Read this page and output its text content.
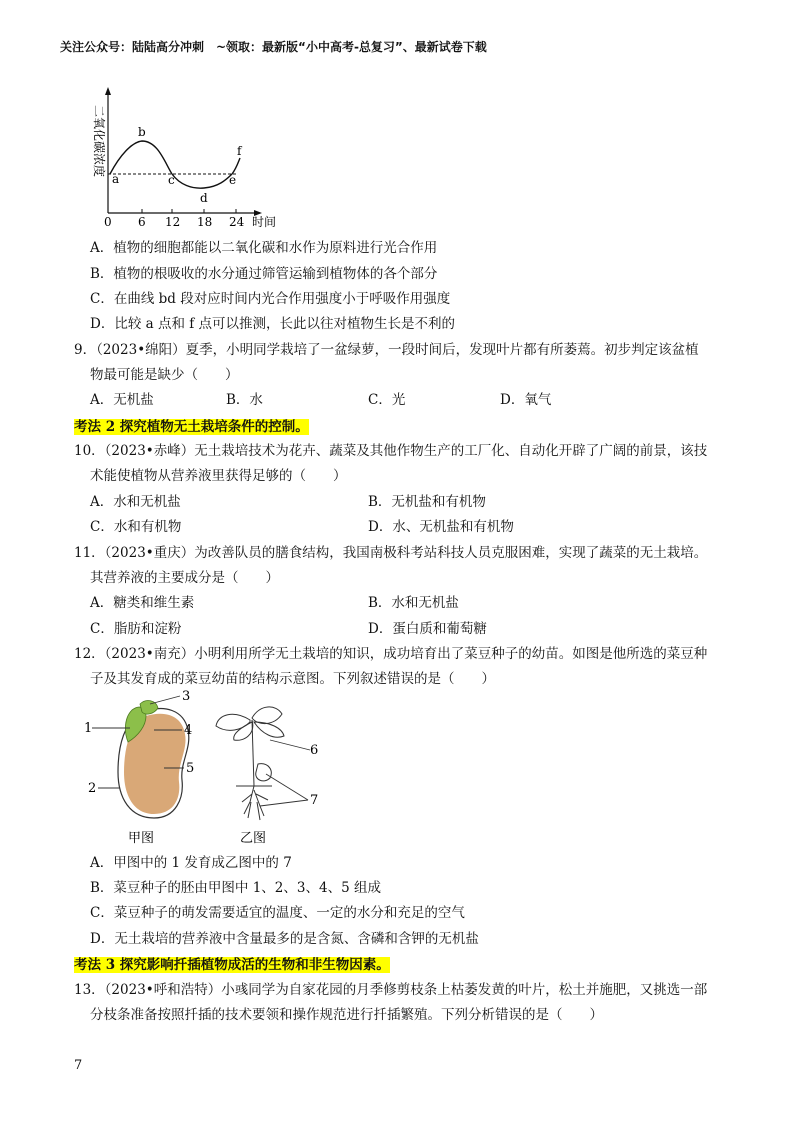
关注公众号：陆陆高分冲刺　~领取：最新版“小中高考-总复习”、最新试卷下载
二氧化碳浓度
0 6 12 18 24 时间
a
b
c
d
e
f
A．植物的细胞都能以二氧化碳和水作为原料进行光合作用
B．植物的根吸收的水分通过筛管运输到植物体的各个部分
C．在曲线 bd 段对应时间内光合作用强度小于呼吸作用强度
D．比较 a 点和 f 点可以推测，长此以往对植物生长是不利的
9．（2023•绵阳）夏季，小明同学栽培了一盆绿萝，一段时间后，发现叶片都有所萎蔫。初步判定该盆植
物最可能是缺少（　　）
A．无机盐	B．水	C．光	D．氧气
考法 2 探究植物无土栽培条件的控制。
10．（2023•赤峰）无土栽培技术为花卉、蔬菜及其他作物生产的工厂化、自动化开辟了广阔的前景，该技
术能使植物从营养液里获得足够的（　　）
A．水和无机盐	B．无机盐和有机物
C．水和有机物	D．水、无机盐和有机物
11．（2023•重庆）为改善队员的膳食结构，我国南极科考站科技人员克服困难，实现了蔬菜的无土栽培。
其营养液的主要成分是（　　）
A．糖类和维生素	B．水和无机盐
C．脂肪和淀粉	D．蛋白质和葡萄糖
12．（2023•南充）小明利用所学无土栽培的知识，成功培育出了菜豆种子的幼苗。如图是他所选的菜豆种
子及其发育成的菜豆幼苗的结构示意图。下列叙述错误的是（　　）
1
2
3
4
5
6
7
甲图	乙图
A．甲图中的 1 发育成乙图中的 7
B．菜豆种子的胚由甲图中 1、2、3、4、5 组成
C．菜豆种子的萌发需要适宜的温度、一定的水分和充足的空气
D．无土栽培的营养液中含量最多的是含氮、含磷和含钾的无机盐
考法 3 探究影响扦插植物成活的生物和非生物因素。
13．（2023•呼和浩特）小彧同学为自家花园的月季修剪枝条上枯萎发黄的叶片，松土并施肥，又挑选一部
分枝条准备按照扦插的技术要领和操作规范进行扦插繁殖。下列分析错误的是（　　）
7
